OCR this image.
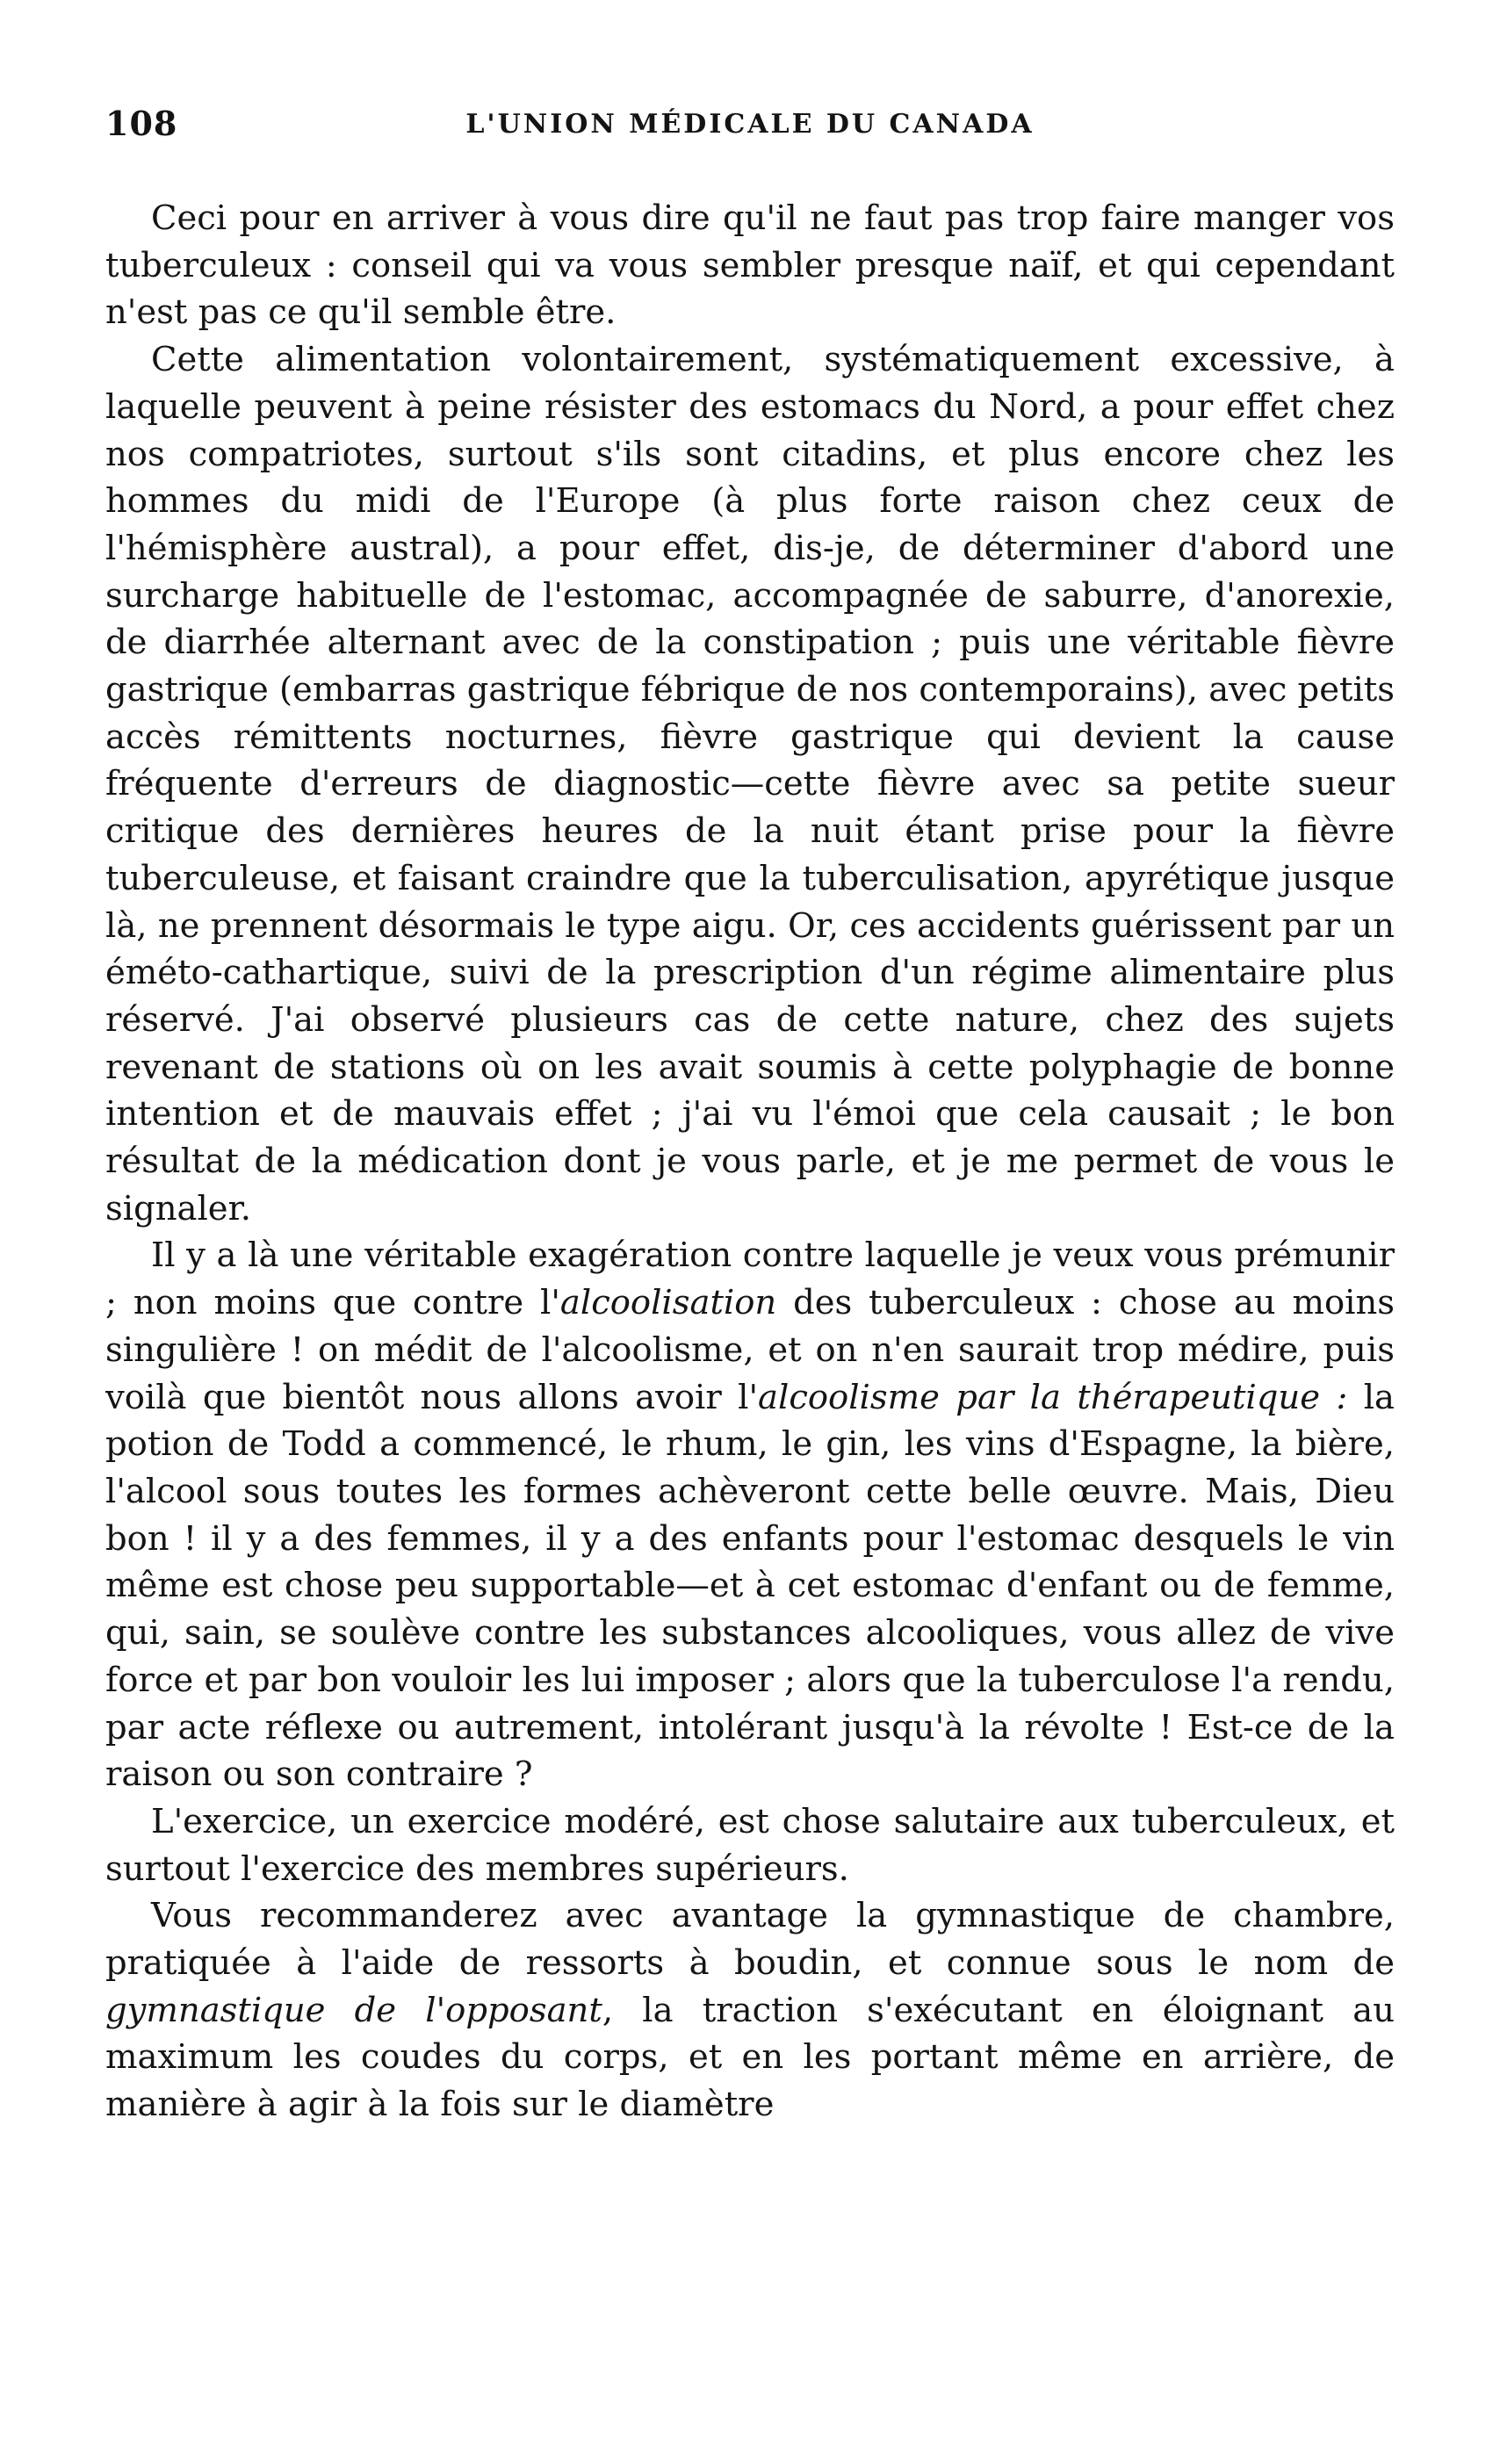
108	L'UNION MÉDICALE DU CANADA

Ceci pour en arriver à vous dire qu'il ne faut pas trop faire manger vos tuberculeux : conseil qui va vous sembler presque naïf, et qui cependant n'est pas ce qu'il semble être.

Cette alimentation volontairement, systématiquement excessive, à laquelle peuvent à peine résister des estomacs du Nord, a pour effet chez nos compatriotes, surtout s'ils sont citadins, et plus encore chez les hommes du midi de l'Europe (à plus forte raison chez ceux de l'hémisphère austral), a pour effet, dis-je, de déterminer d'abord une surcharge habituelle de l'estomac, accompagnée de saburre, d'anorexie, de diarrhée alternant avec de la constipation ; puis une véritable fièvre gastrique (embarras gastrique fébrique de nos contemporains), avec petits accès rémittents nocturnes, fièvre gastrique qui devient la cause fréquente d'erreurs de diagnostic—cette fièvre avec sa petite sueur critique des dernières heures de la nuit étant prise pour la fièvre tuberculeuse, et faisant craindre que la tuberculisation, apyrétique jusque là, ne prennent désormais le type aigu. Or, ces accidents guérissent par un éméto-cathartique, suivi de la prescription d'un régime alimentaire plus réservé. J'ai observé plusieurs cas de cette nature, chez des sujets revenant de stations où on les avait soumis à cette polyphagie de bonne intention et de mauvais effet ; j'ai vu l'émoi que cela causait ; le bon résultat de la médication dont je vous parle, et je me permet de vous le signaler.

Il y a là une véritable exagération contre laquelle je veux vous prémunir ; non moins que contre l'alcoolisation des tuberculeux : chose au moins singulière ! on médit de l'alcoolisme, et on n'en saurait trop médire, puis voilà que bientôt nous allons avoir l'alcoolisme par la thérapeutique : la potion de Todd a commencé, le rhum, le gin, les vins d'Espagne, la bière, l'alcool sous toutes les formes achèveront cette belle œuvre. Mais, Dieu bon ! il y a des femmes, il y a des enfants pour l'estomac desquels le vin même est chose peu supportable—et à cet estomac d'enfant ou de femme, qui, sain, se soulève contre les substances alcooliques, vous allez de vive force et par bon vouloir les lui imposer ; alors que la tuberculose l'a rendu, par acte réflexe ou autrement, intolérant jusqu'à la révolte ! Est-ce de la raison ou son contraire ?

L'exercice, un exercice modéré, est chose salutaire aux tuberculeux, et surtout l'exercice des membres supérieurs.

Vous recommanderez avec avantage la gymnastique de chambre, pratiquée à l'aide de ressorts à boudin, et connue sous le nom de gymnastique de l'opposant, la traction s'exécutant en éloignant au maximum les coudes du corps, et en les portant même en arrière, de manière à agir à la fois sur le diamètre
